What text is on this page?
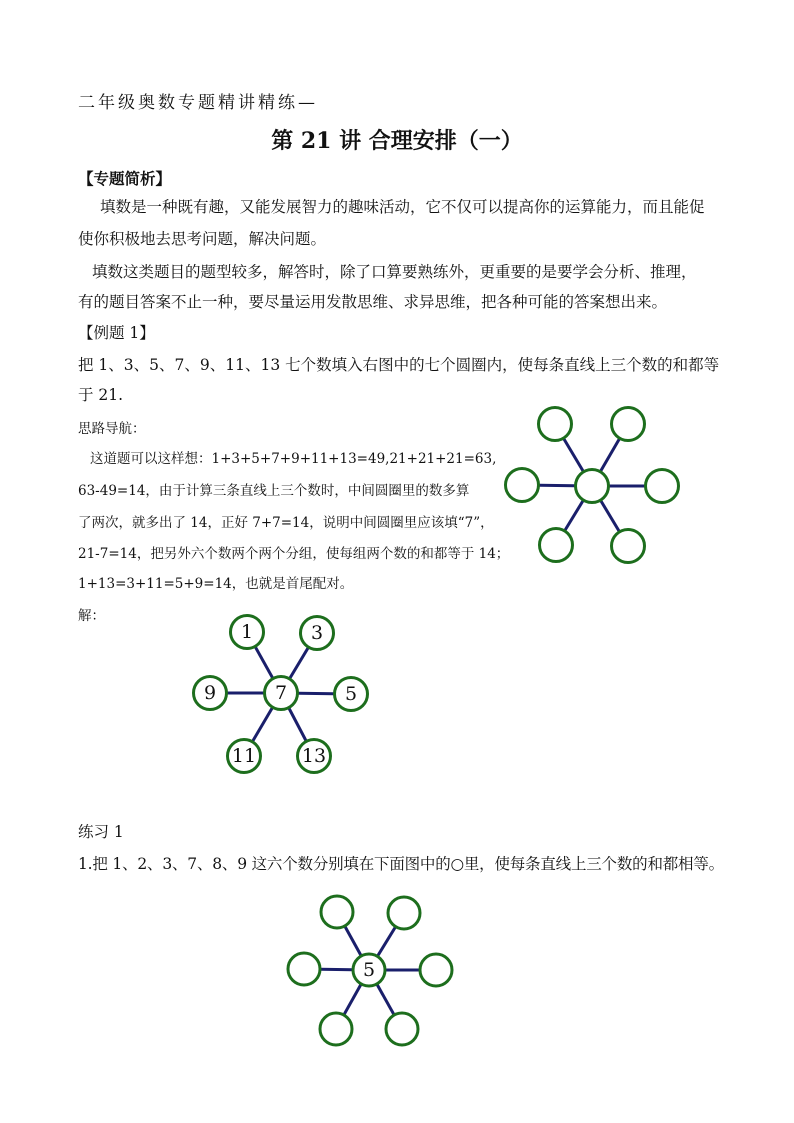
二年级奥数专题精讲精练—
第 21 讲 合理安排（一）
【专题简析】
填数是一种既有趣，又能发展智力的趣味活动，它不仅可以提高你的运算能力，而且能促
使你积极地去思考问题，解决问题。
填数这类题目的题型较多，解答时，除了口算要熟练外，更重要的是要学会分析、推理，
有的题目答案不止一种，要尽量运用发散思维、求异思维，把各种可能的答案想出来。
【例题 1】
把 1、3、5、7、9、11、13 七个数填入右图中的七个圆圈内，使每条直线上三个数的和都等
于 21.
思路导航：
这道题可以这样想：1+3+5+7+9+11+13=49,21+21+21=63,
63-49=14，由于计算三条直线上三个数时，中间圆圈里的数多算
了两次，就多出了 14，正好 7+7=14，说明中间圆圈里应该填“7”，
21-7=14，把另外六个数两个两个分组，使每组两个数的和都等于 14；
1+13=3+11=5+9=14，也就是首尾配对。
解：
7
1	3
9	5
11 13
练习 1
1.把 1、2、3、7、8、9 这六个数分别填在下面图中的○里，使每条直线上三个数的和都相等。
5
